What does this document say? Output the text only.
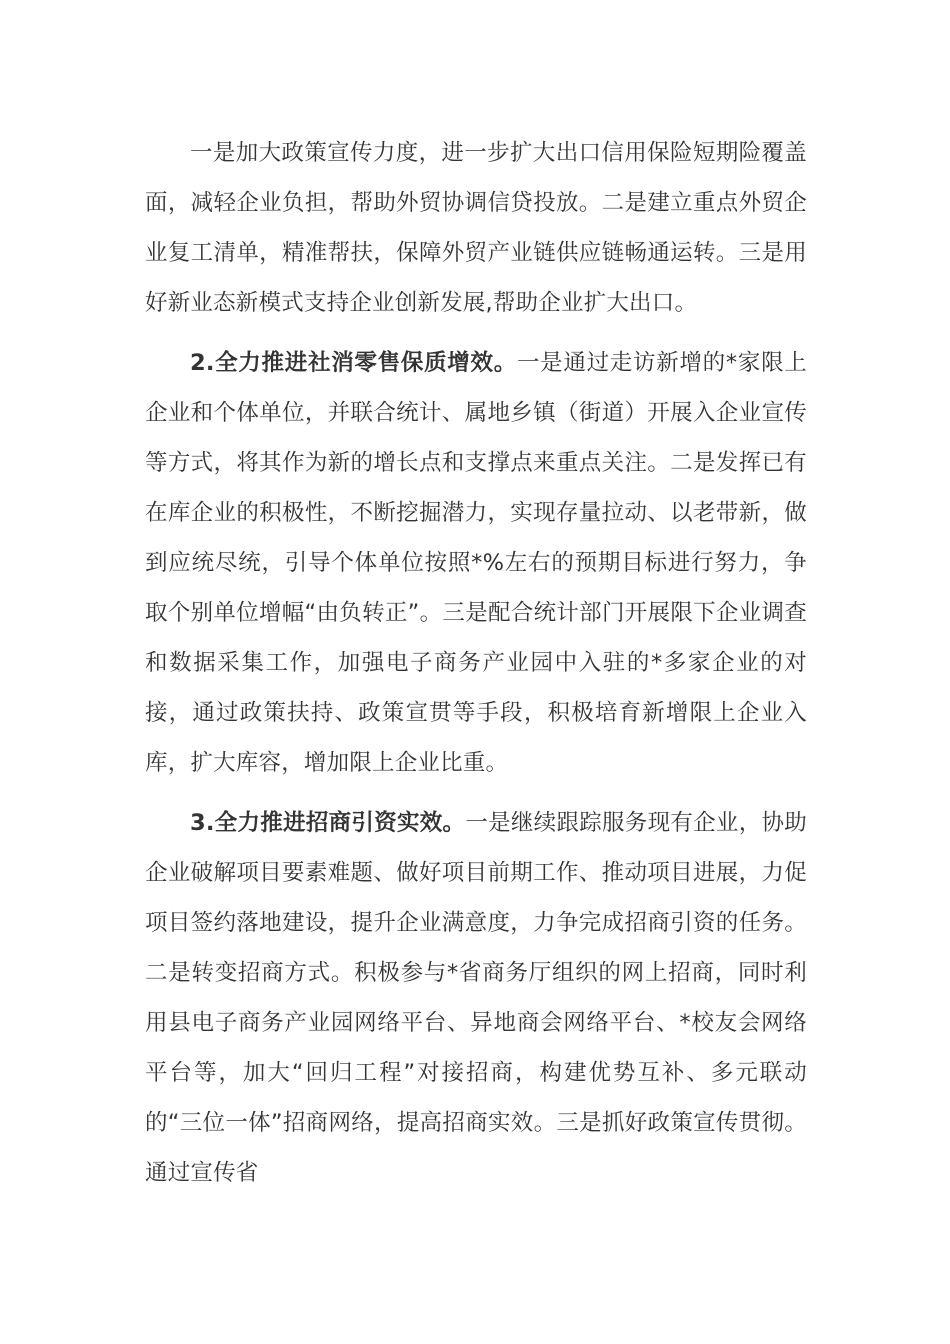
一是加大政策宣传力度，进一步扩大出口信用保险短期险覆盖面，减轻企业负担，帮助外贸协调信贷投放。二是建立重点外贸企业复工清单，精准帮扶，保障外贸产业链供应链畅通运转。三是用好新业态新模式支持企业创新发展,帮助企业扩大出口。

2.全力推进社消零售保质增效。一是通过走访新增的*家限上企业和个体单位，并联合统计、属地乡镇（街道）开展入企业宣传等方式，将其作为新的增长点和支撑点来重点关注。二是发挥已有在库企业的积极性，不断挖掘潜力，实现存量拉动、以老带新，做到应统尽统，引导个体单位按照*%左右的预期目标进行努力，争取个别单位增幅“由负转正”。三是配合统计部门开展限下企业调查和数据采集工作，加强电子商务产业园中入驻的*多家企业的对接，通过政策扶持、政策宣贯等手段，积极培育新增限上企业入库，扩大库容，增加限上企业比重。

3.全力推进招商引资实效。一是继续跟踪服务现有企业，协助企业破解项目要素难题、做好项目前期工作、推动项目进展，力促项目签约落地建设，提升企业满意度，力争完成招商引资的任务。二是转变招商方式。积极参与*省商务厅组织的网上招商，同时利用县电子商务产业园网络平台、异地商会网络平台、*校友会网络平台等，加大“回归工程”对接招商，构建优势互补、多元联动的“三位一体”招商网络，提高招商实效。三是抓好政策宣传贯彻。通过宣传省
